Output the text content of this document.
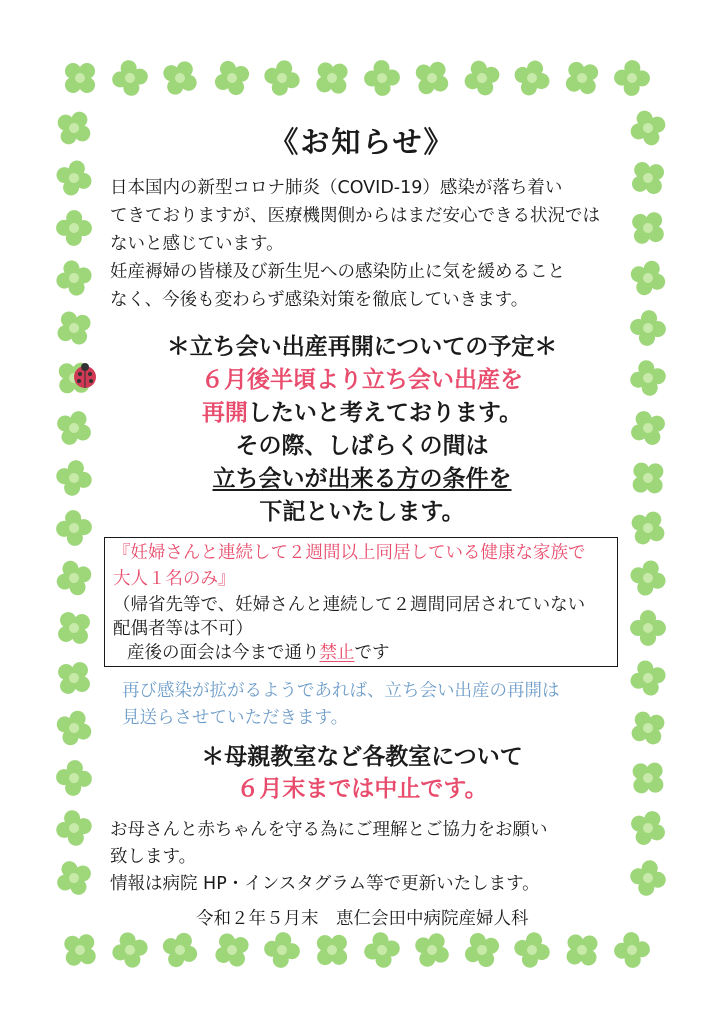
《お知らせ》

日本国内の新型コロナ肺炎（COVID-19）感染が落ち着い

てきておりますが、医療機関側からはまだ安心できる状況では

ないと感じています。

妊産褥婦の皆様及び新生児への感染防止に気を緩めること

なく、今後も変わらず感染対策を徹底していきます。

＊立ち会い出産再開についての予定＊
６月後半頃より立ち会い出産を
再開したいと考えております。
その際、しばらくの間は
立ち会いが出来る方の条件を
下記といたします。
『妊婦さんと連続して２週間以上同居している健康な家族で
大人１名のみ』
（帰省先等で、妊婦さんと連続して２週間同居されていない
配偶者等は不可）
産後の面会は今まで通り禁止です

再び感染が拡がるようであれば、立ち会い出産の再開は

見送らさせていただきます。

＊母親教室など各教室について
６月末までは中止です。

お母さんと赤ちゃんを守る為にご理解とご協力をお願い

致します。

情報は病院 HP・インスタグラム等で更新いたします。

令和２年５月末　恵仁会田中病院産婦人科
